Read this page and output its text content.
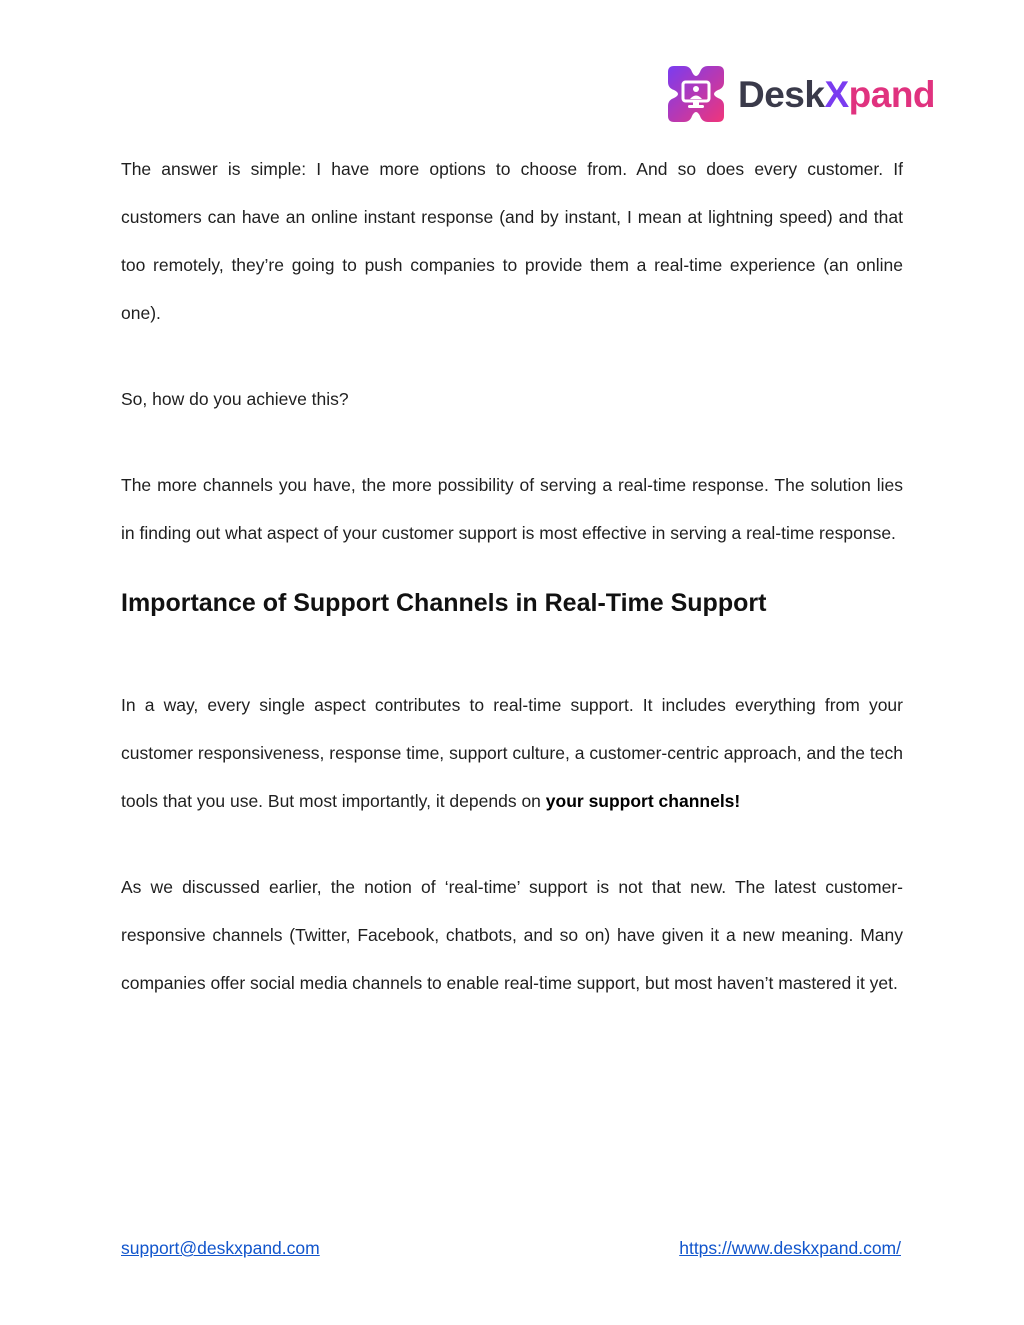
DeskXpand

The answer is simple: I have more options to choose from. And so does every customer. If customers can have an online instant response (and by instant, I mean at lightning speed) and that too remotely, they’re going to push companies to provide them a real-time experience (an online one).

So, how do you achieve this?

The more channels you have, the more possibility of serving a real-time response. The solution lies in finding out what aspect of your customer support is most effective in serving a real-time response.

Importance of Support Channels in Real-Time Support

In a way, every single aspect contributes to real-time support. It includes everything from your customer responsiveness, response time, support culture, a customer-centric approach, and the tech tools that you use. But most importantly, it depends on your support channels!

As we discussed earlier, the notion of ‘real-time’ support is not that new. The latest customer-responsive channels (Twitter, Facebook, chatbots, and so on) have given it a new meaning. Many companies offer social media channels to enable real-time support, but most haven’t mastered it yet.

support@deskxpand.com	https://www.deskxpand.com/
